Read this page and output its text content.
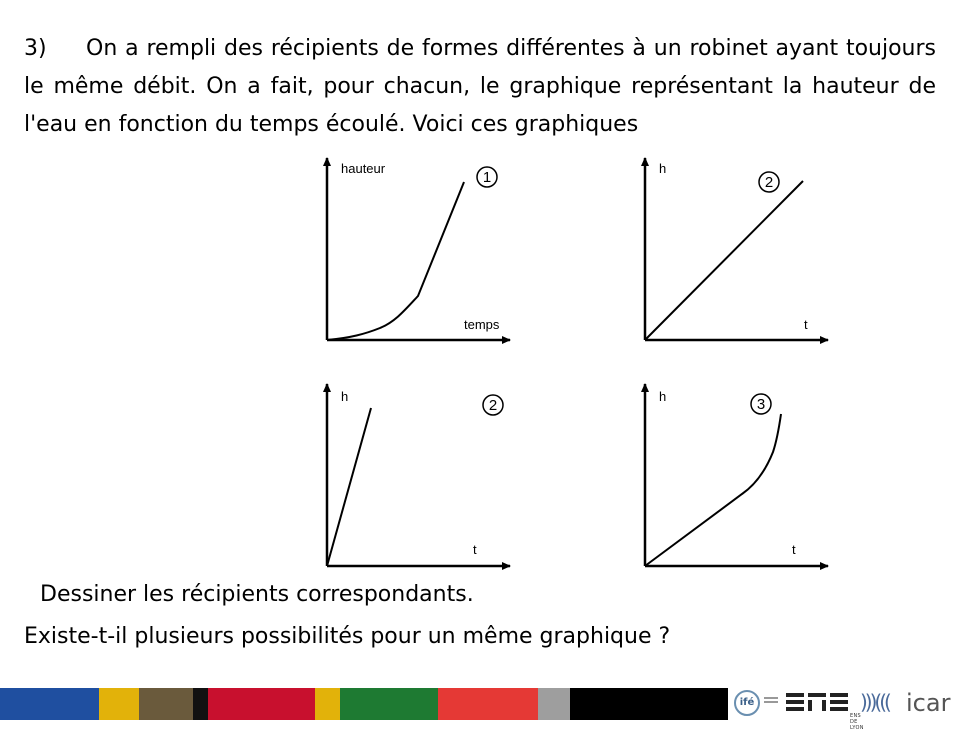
3) On a rempli des récipients de formes différentes à un robinet ayant toujours le même débit. On a fait, pour chacun, le graphique représentant la hauteur de l'eau en fonction du temps écoulé. Voici ces graphiques

hauteur
temps
1
h
t
2
h
t
2
h
t
3

Dessiner les récipients correspondants.

Existe-t-il plusieurs possibilités pour un même graphique ?

ifé
ENS DE LYON
)))((( icar
